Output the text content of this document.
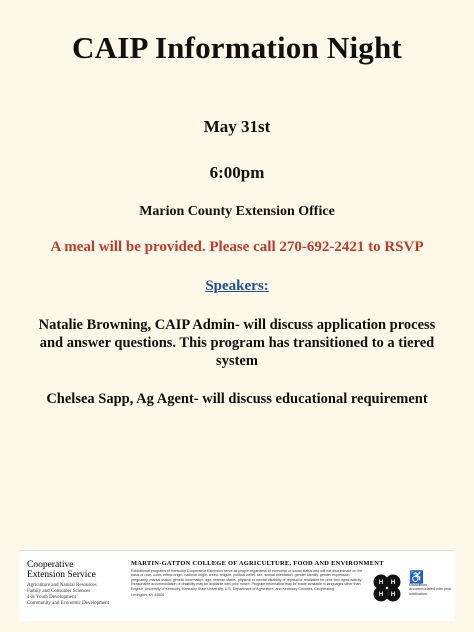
CAIP Information Night
May 31st
6:00pm
Marion County Extension Office
A meal will be provided. Please call 270-692-2421 to RSVP
Speakers:
Natalie Browning, CAIP Admin- will discuss application process and answer questions. This program has transitioned to a tiered system
Chelsea Sapp, Ag Agent- will discuss educational requirement
Cooperative
Extension Service
Agriculture and Natural Resources
Family and Consumer Sciences
4-H Youth Development
Community and Economic Development
MARTIN-GATTON COLLEGE OF AGRICULTURE, FOOD AND ENVIRONMENT
Educational programs of Kentucky Cooperative Extension serve all people regardless of economic or social status and will not discriminate on the basis of race, color, ethnic origin, national origin, creed, religion, political belief, sex, sexual orientation, gender identity, gender expression, pregnancy, marital status, genetic information, age, veteran status, physical or mental disability or reprisal or retaliation for prior civil rights activity. Reasonable accommodation of disability may be available with prior notice. Program information may be made available in languages other than English. University of Kentucky, Kentucky State University, U.S. Department of Agriculture, and Kentucky Counties, Cooperating.
Lexington, KY 40506
H H
H H
♿
Disabilities accommodated with prior notification.
